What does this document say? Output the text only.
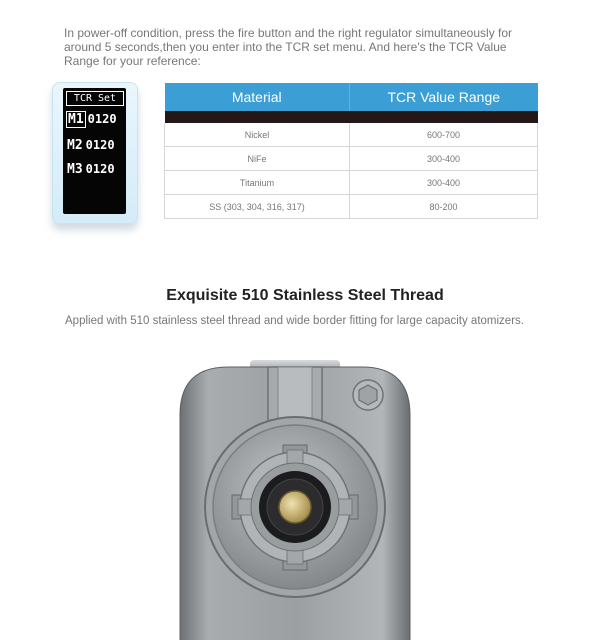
In power-off condition, press the fire button and the right regulator simultaneously for around 5 seconds,then you enter into the TCR set menu. And here's the TCR Value Range for your reference:
TCR Set
M1 0120
M2 0120
M3 0120
Material	TCR Value Range

Nickel	600-700
NiFe	300-400
Titanium	300-400
SS (303, 304, 316, 317)	80-200
Exquisite 510 Stainless Steel Thread
Applied with 510 stainless steel thread and wide border fitting for large capacity atomizers.
